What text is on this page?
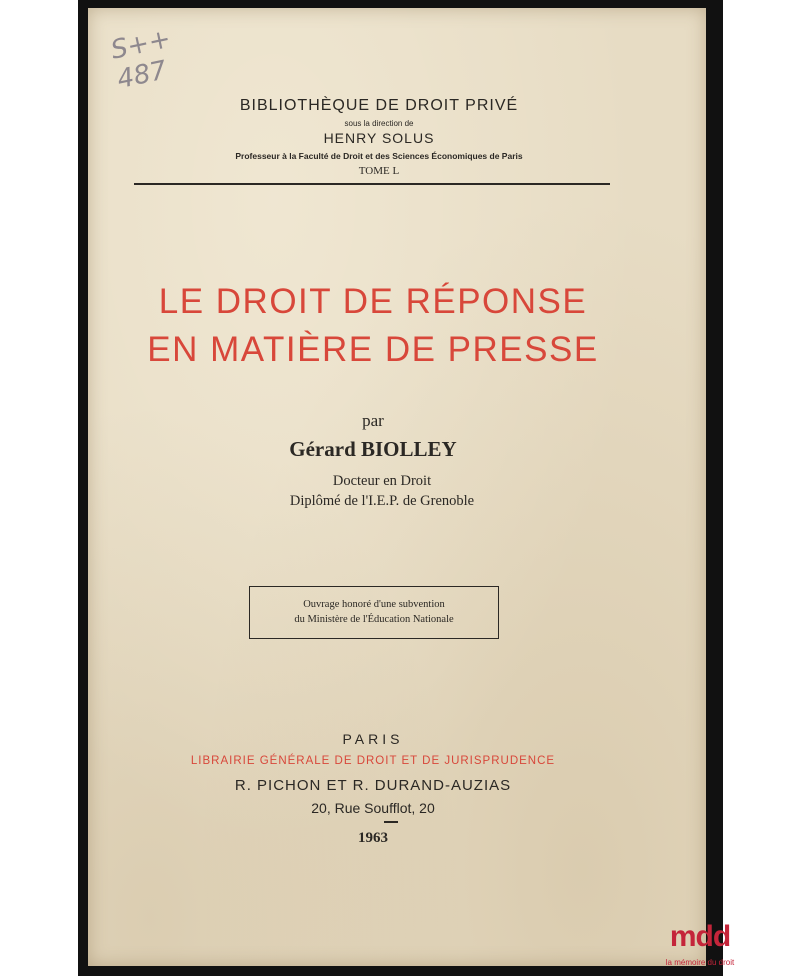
S++ 487
BIBLIOTHÈQUE DE DROIT PRIVÉ
sous la direction de
HENRY SOLUS
Professeur à la Faculté de Droit et des Sciences Économiques de Paris
TOME L
LE DROIT DE RÉPONSE
EN MATIÈRE DE PRESSE
par
Gérard BIOLLEY
Docteur en Droit
Diplômé de l'I.E.P. de Grenoble
Ouvrage honoré d'une subvention
du Ministère de l'Éducation Nationale
PARIS
LIBRAIRIE GÉNÉRALE DE DROIT ET DE JURISPRUDENCE
R. PICHON ET R. DURAND-AUZIAS
20, Rue Soufflot, 20
1963
mdd
la mémoire du droit
